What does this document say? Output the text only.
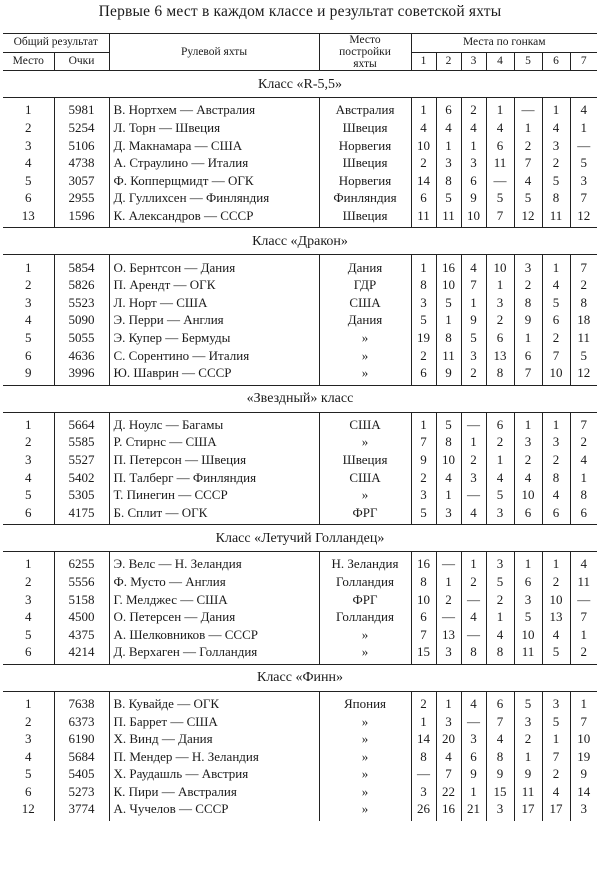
Первые 6 мест в каждом классе и результат советской яхты
Общий результат		Рулевой яхты	Место
постройки
яхты	Места по гонкам						
Место	Очки			1	2	3	4	5	6	7
Класс «R-5,5»										
1	5981	В. Нортхем — Австралия	Австралия	1	6	2	1	—	1	4
2	5254	Л. Торн — Швеция	Швеция	4	4	4	4	1	4	1
3	5106	Д. Макнамара — США	Норвегия	10	1	1	6	2	3	—
4	4738	А. Страулино — Италия	Швеция	2	3	3	11	7	2	5
5	3057	Ф. Копперщмидт — ОГК	Норвегия	14	8	6	—	4	5	3
6	2955	Д. Гуллихсен — Финляндия	Финляндия	6	5	9	5	5	8	7
13	1596	К. Александров — СССР	Швеция	11	11	10	7	12	11	12
Класс «Дракон»										
1	5854	О. Бернтсон — Дания	Дания	1	16	4	10	3	1	7
2	5826	П. Арендт — ОГК	ГДР	8	10	7	1	2	4	2
3	5523	Л. Норт — США	США	3	5	1	3	8	5	8
4	5090	Э. Перри — Англия	Дания	5	1	9	2	9	6	18
5	5055	Э. Купер — Бермуды	»	19	8	5	6	1	2	11
6	4636	С. Сорентино — Италия	»	2	11	3	13	6	7	5
9	3996	Ю. Шаврин — СССР	»	6	9	2	8	7	10	12
«Звездный» класс										
1	5664	Д. Ноулс — Багамы	США	1	5	—	6	1	1	7
2	5585	Р. Стирнс — США	»	7	8	1	2	3	3	2
3	5527	П. Петерсон — Швеция	Швеция	9	10	2	1	2	2	4
4	5402	П. Талберг — Финляндия	США	2	4	3	4	4	8	1
5	5305	Т. Пинегин — СССР	»	3	1	—	5	10	4	8
6	4175	Б. Сплит — ОГК	ФРГ	5	3	4	3	6	6	6
Класс «Летучий Голландец»										
1	6255	Э. Велс — Н. Зеландия	Н. Зеландия	16	—	1	3	1	1	4
2	5556	Ф. Мусто — Англия	Голландия	8	1	2	5	6	2	11
3	5158	Г. Мелджес — США	ФРГ	10	2	—	2	3	10	—
4	4500	О. Петерсен — Дания	Голландия	6	—	4	1	5	13	7
5	4375	А. Шелковников — СССР	»	7	13	—	4	10	4	1
6	4214	Д. Верхаген — Голландия	»	15	3	8	8	11	5	2
Класс «Финн»										
1	7638	В. Кувайде — ОГК	Япония	2	1	4	6	5	3	1
2	6373	П. Баррет — США	»	1	3	—	7	3	5	7
3	6190	Х. Винд — Дания	»	14	20	3	4	2	1	10
4	5684	П. Мендер — Н. Зеландия	»	8	4	6	8	1	7	19
5	5405	Х. Раудашль — Австрия	»	—	7	9	9	9	2	9
6	5273	К. Пири — Австралия	»	3	22	1	15	11	4	14
12	3774	А. Чучелов — СССР	»	26	16	21	3	17	17	3
